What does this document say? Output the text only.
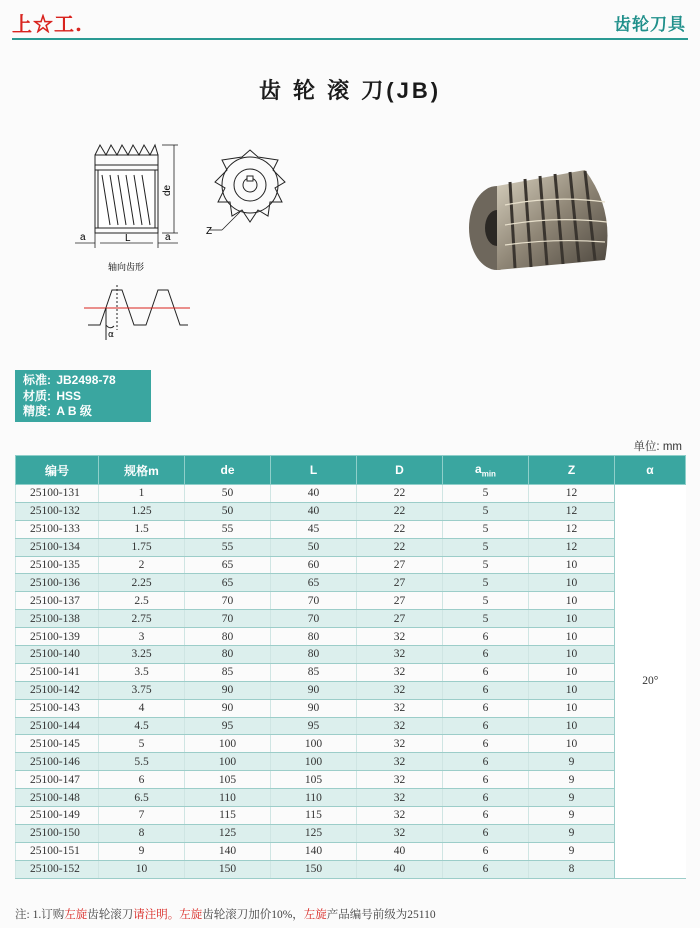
上☆工.	齿轮刀具
齿 轮 滚 刀(JB)
de
L
a	a
轴向齿形
Z
α
标准: JB2498-78
材质: HSS
精度: A B 级
单位: mm
编号	规格m	de	L	D	$a_{min}$	Z	α
25100-131	1	50	40	22	5	12	20°
25100-132	1.25	50	40	22	5	12	
25100-133	1.5	55	45	22	5	12	
25100-134	1.75	55	50	22	5	12	
25100-135	2	65	60	27	5	10	
25100-136	2.25	65	65	27	5	10	
25100-137	2.5	70	70	27	5	10	
25100-138	2.75	70	70	27	5	10	
25100-139	3	80	80	32	6	10	
25100-140	3.25	80	80	32	6	10	
25100-141	3.5	85	85	32	6	10	
25100-142	3.75	90	90	32	6	10	
25100-143	4	90	90	32	6	10	
25100-144	4.5	95	95	32	6	10	
25100-145	5	100	100	32	6	10	
25100-146	5.5	100	100	32	6	9	
25100-147	6	105	105	32	6	9	
25100-148	6.5	110	110	32	6	9	
25100-149	7	115	115	32	6	9	
25100-150	8	125	125	32	6	9	
25100-151	9	140	140	40	6	9	
25100-152	10	150	150	40	6	8	
注: 1.订购左旋齿轮滚刀请注明。左旋齿轮滚刀加价10%，左旋产品编号前级为25110
